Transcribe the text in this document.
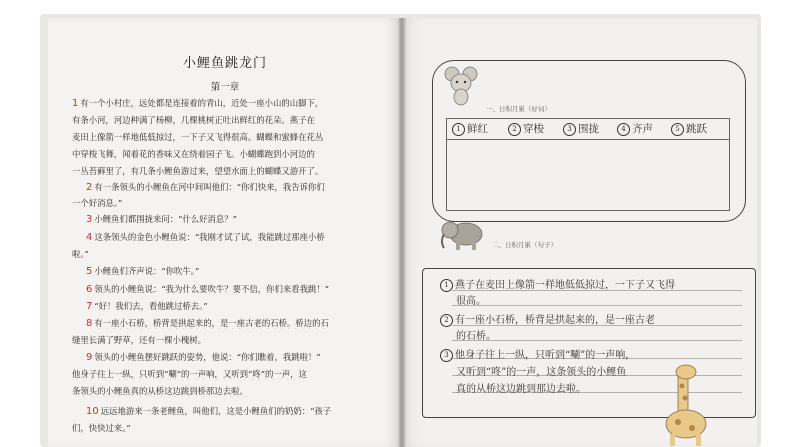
小鲤鱼跳龙门
第一章
1 有一个小村庄，远处都是连接着的青山，近处一座小山的山脚下，
有条小河，河边种满了杨柳，几棵桃树正吐出鲜红的花朵。燕子在
麦田上像箭一样地低低掠过，一下子又飞得很高。蝴蝶和蜜蜂在花丛
中穿梭飞舞，闻着花的香味又在绕着园子飞。小蝴蝶跑到小河边的
一丛苔藓里了，有几条小鲤鱼游过来，望望水面上的蝴蝶又游开了。
2 有一条领头的小鲤鱼在河中间叫他们：“你们快来，我告诉你们
一个好消息。”
3 小鲤鱼们都围拢来问：“什么好消息？”
4 这条领头的金色小鲤鱼说：“我刚才试了试，我能跳过那座小桥
啦。”
5 小鲤鱼们齐声说：“你吹牛。”
6 领头的小鲤鱼说：“我为什么要吹牛？要不信，你们来看我跳！”
7 “好！我们去，看他跳过桥去。”
8 有一座小石桥，桥背是拱起来的，是一座古老的石桥。桥边的石
缝里长满了野草，还有一棵小槐树。
9 领头的小鲤鱼摆好跳跃的姿势，他说：“你们瞧着，我跳啦！”
他身子往上一纵，只听到“唰”的一声响，又听到“咚”的一声，这
条领头的小鲤鱼真的从桥这边跳到桥那边去啦。
10 远远地游来一条老鲤鱼，叫他们，这是小鲤鱼们的奶奶：“孩子
们，快快过来。”
一、日积月累（好词）
1 鲜红	2 穿梭	3 围拢	4 齐声	5 跳跃
二、日积月累（句子）
1 燕子在麦田上像箭一样地低低掠过，一下子又飞得
很高。
2 有一座小石桥，桥背是拱起来的，是一座古老
的石桥。
3 他身子往上一纵，只听到“唰”的一声响，
又听到“咚”的一声，这条领头的小鲤鱼
真的从桥这边跳到那边去啦。
